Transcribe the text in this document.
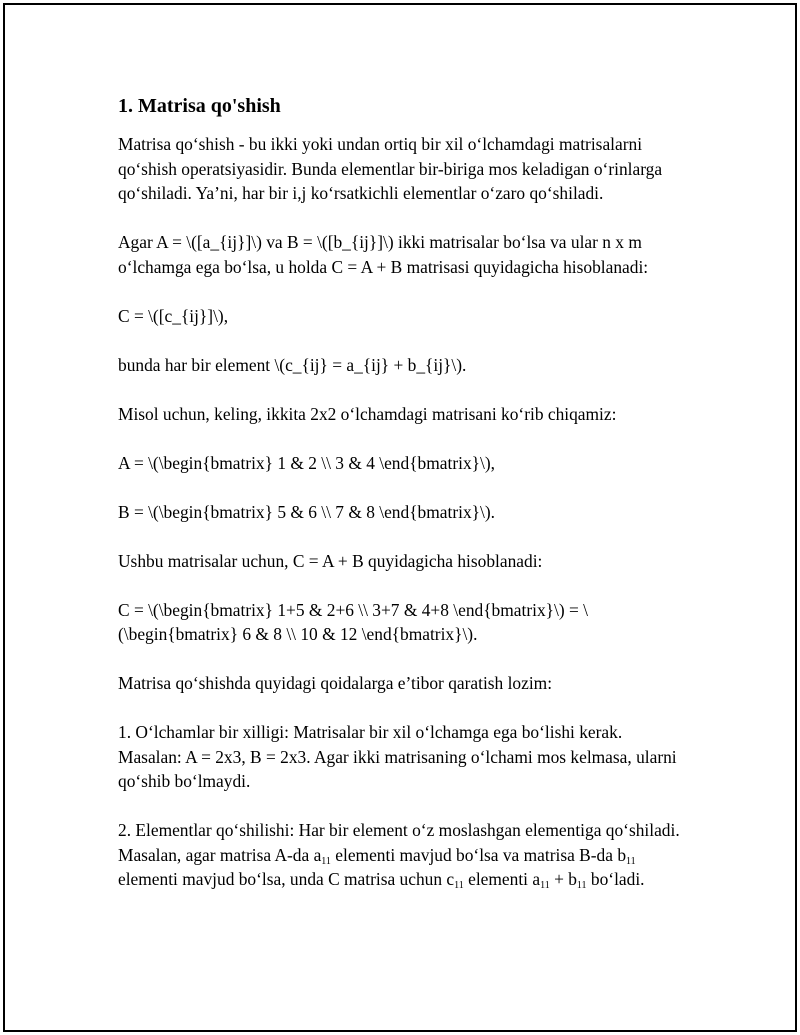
1. Matrisa qo'shish

Matrisa qo‘shish - bu ikki yoki undan ortiq bir xil o‘lchamdagi matrisalarni qo‘shish operatsiyasidir. Bunda elementlar bir-biriga mos keladigan o‘rinlarga qo‘shiladi. Ya’ni, har bir i,j ko‘rsatkichli elementlar o‘zaro qo‘shiladi.

Agar A = \([a_{ij}]\) va B = \([b_{ij}]\) ikki matrisalar bo‘lsa va ular n x m o‘lchamga ega bo‘lsa, u holda C = A + B matrisasi quyidagicha hisoblanadi:

C = \([c_{ij}]\),

bunda har bir element \(c_{ij} = a_{ij} + b_{ij}\).

Misol uchun, keling, ikkita 2x2 o‘lchamdagi matrisani ko‘rib chiqamiz:

A = \(\begin{bmatrix} 1 & 2 \\ 3 & 4 \end{bmatrix}\),

B = \(\begin{bmatrix} 5 & 6 \\ 7 & 8 \end{bmatrix}\).

Ushbu matrisalar uchun, C = A + B quyidagicha hisoblanadi:

C = \(\begin{bmatrix} 1+5 & 2+6 \\ 3+7 & 4+8 \end{bmatrix}\) = \(\begin{bmatrix} 6 & 8 \\ 10 & 12 \end{bmatrix}\).

Matrisa qo‘shishda quyidagi qoidalarga e’tibor qaratish lozim:

1. O‘lchamlar bir xilligi: Matrisalar bir xil o‘lchamga ega bo‘lishi kerak. Masalan: A = 2x3, B = 2x3. Agar ikki matrisaning o‘lchami mos kelmasa, ularni qo‘shib bo‘lmaydi.

2. Elementlar qo‘shilishi: Har bir element o‘z moslashgan elementiga qo‘shiladi. Masalan, agar matrisa A-da $a_{11}$ elementi mavjud bo‘lsa va matrisa B-da $b_{11}$ elementi mavjud bo‘lsa, unda C matrisa uchun $c_{11}$ elementi $a_{11} + b_{11}$ bo‘ladi.
